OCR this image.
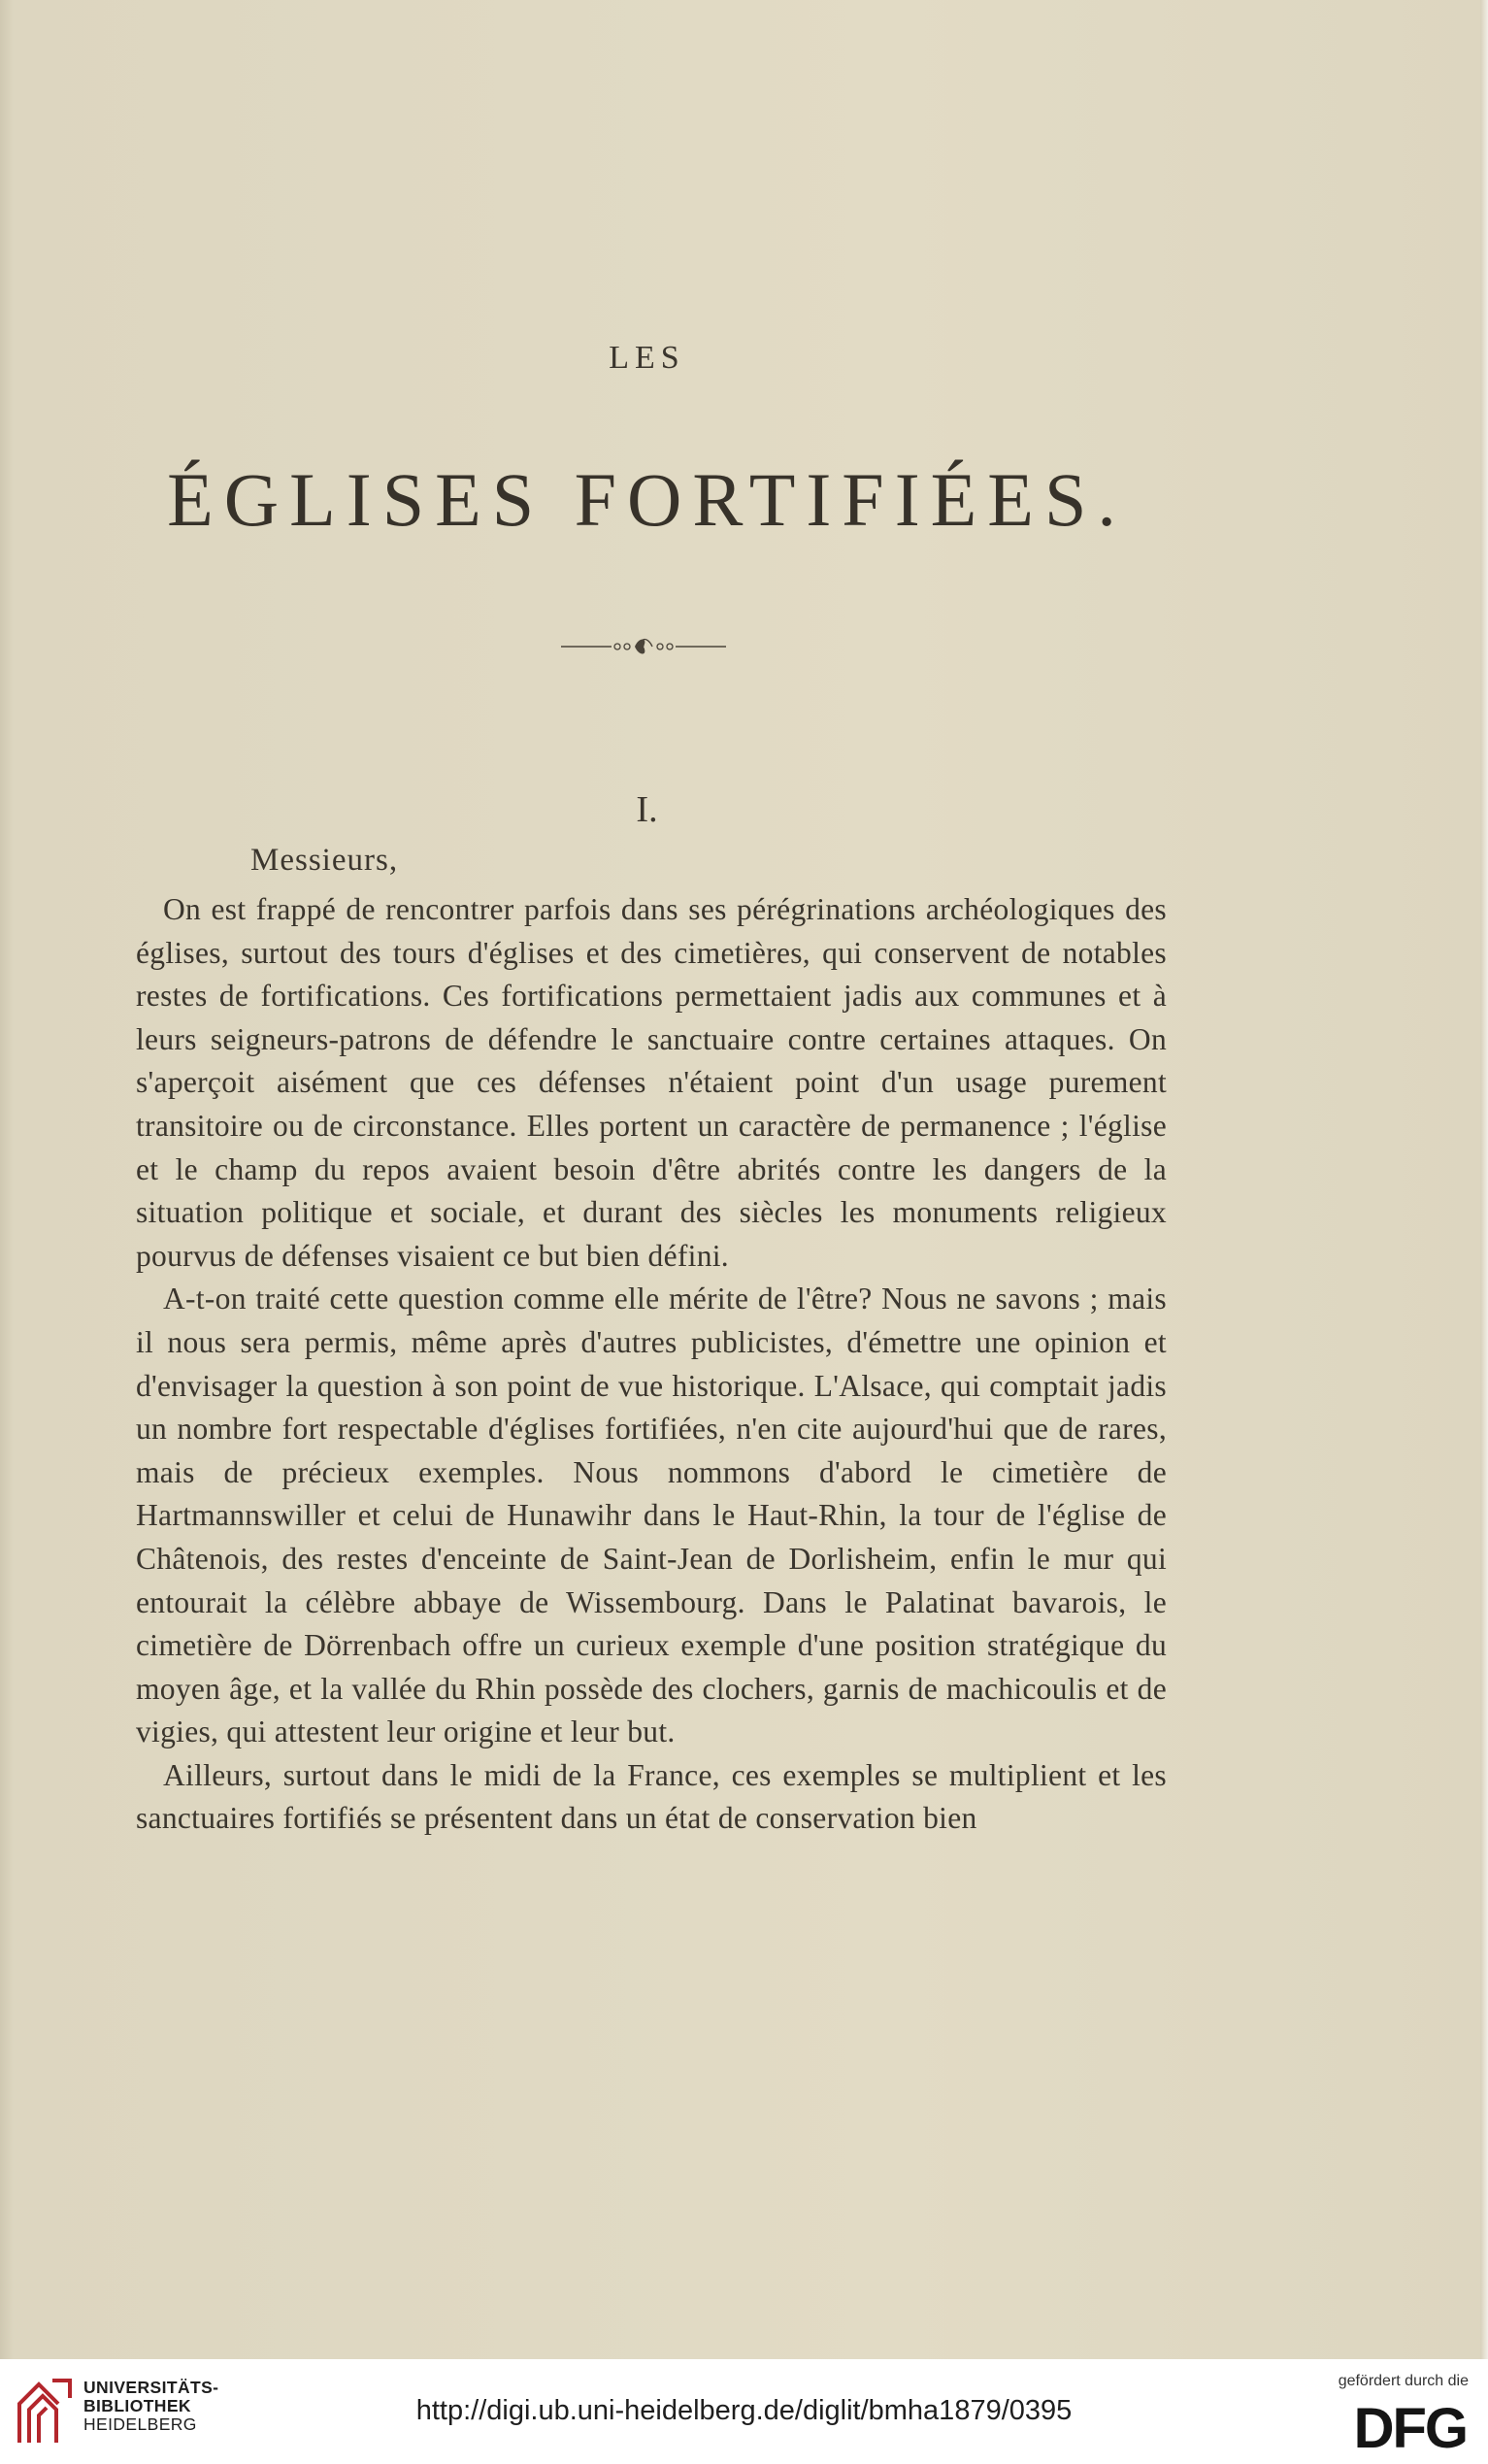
LES
ÉGLISES FORTIFIÉES.
I.
Messieurs,

On est frappé de rencontrer parfois dans ses pérégrinations archéologiques des églises, surtout des tours d'églises et des cimetières, qui conservent de notables restes de fortifications. Ces fortifications permettaient jadis aux communes et à leurs seigneurs-patrons de défendre le sanctuaire contre certaines attaques. On s'aperçoit aisément que ces défenses n'étaient point d'un usage purement transitoire ou de circonstance. Elles portent un caractère de permanence ; l'église et le champ du repos avaient besoin d'être abrités contre les dangers de la situation politique et sociale, et durant des siècles les monuments religieux pourvus de défenses visaient ce but bien défini.

A-t-on traité cette question comme elle mérite de l'être? Nous ne savons ; mais il nous sera permis, même après d'autres publicistes, d'émettre une opinion et d'envisager la question à son point de vue historique. L'Alsace, qui comptait jadis un nombre fort respectable d'églises fortifiées, n'en cite aujourd'hui que de rares, mais de précieux exemples. Nous nommons d'abord le cimetière de Hartmannswiller et celui de Hunawihr dans le Haut-Rhin, la tour de l'église de Châtenois, des restes d'enceinte de Saint-Jean de Dorlisheim, enfin le mur qui entourait la célèbre abbaye de Wissembourg. Dans le Palatinat bavarois, le cimetière de Dörrenbach offre un curieux exemple d'une position stratégique du moyen âge, et la vallée du Rhin possède des clochers, garnis de machicoulis et de vigies, qui attestent leur origine et leur but.

Ailleurs, surtout dans le midi de la France, ces exemples se multiplient et les sanctuaires fortifiés se présentent dans un état de conservation bien

UNIVERSITÄTS-
BIBLIOTHEK
HEIDELBERG	http://digi.ub.uni-heidelberg.de/diglit/bmha1879/0395
gefördert durch die
DFG
